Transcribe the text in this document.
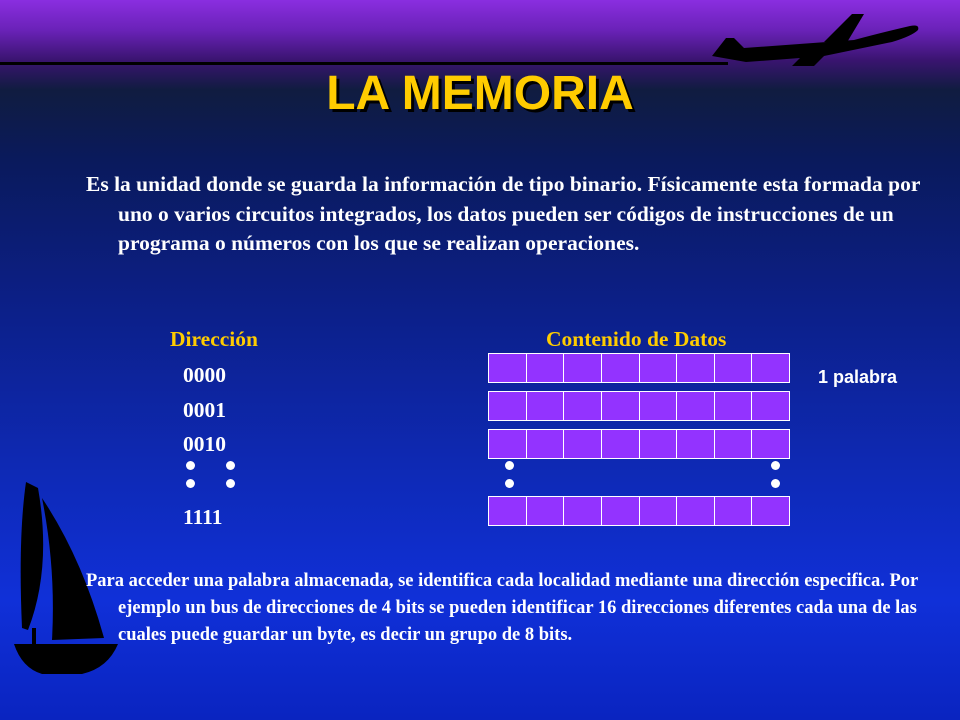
LA MEMORIA

Es la unidad donde se guarda la información de tipo binario. Físicamente esta formada por uno o varios circuitos integrados, los datos pueden ser códigos de instrucciones de un programa o números con los que se realizan operaciones.

Dirección	Contenido de Datos
0000
0001
0010
1111
1 palabra

Para acceder una palabra almacenada, se identifica cada localidad mediante una dirección especifica. Por ejemplo un bus de direcciones de 4 bits se pueden identificar 16 direcciones diferentes cada una de las cuales puede guardar un byte, es decir un grupo de 8 bits.
